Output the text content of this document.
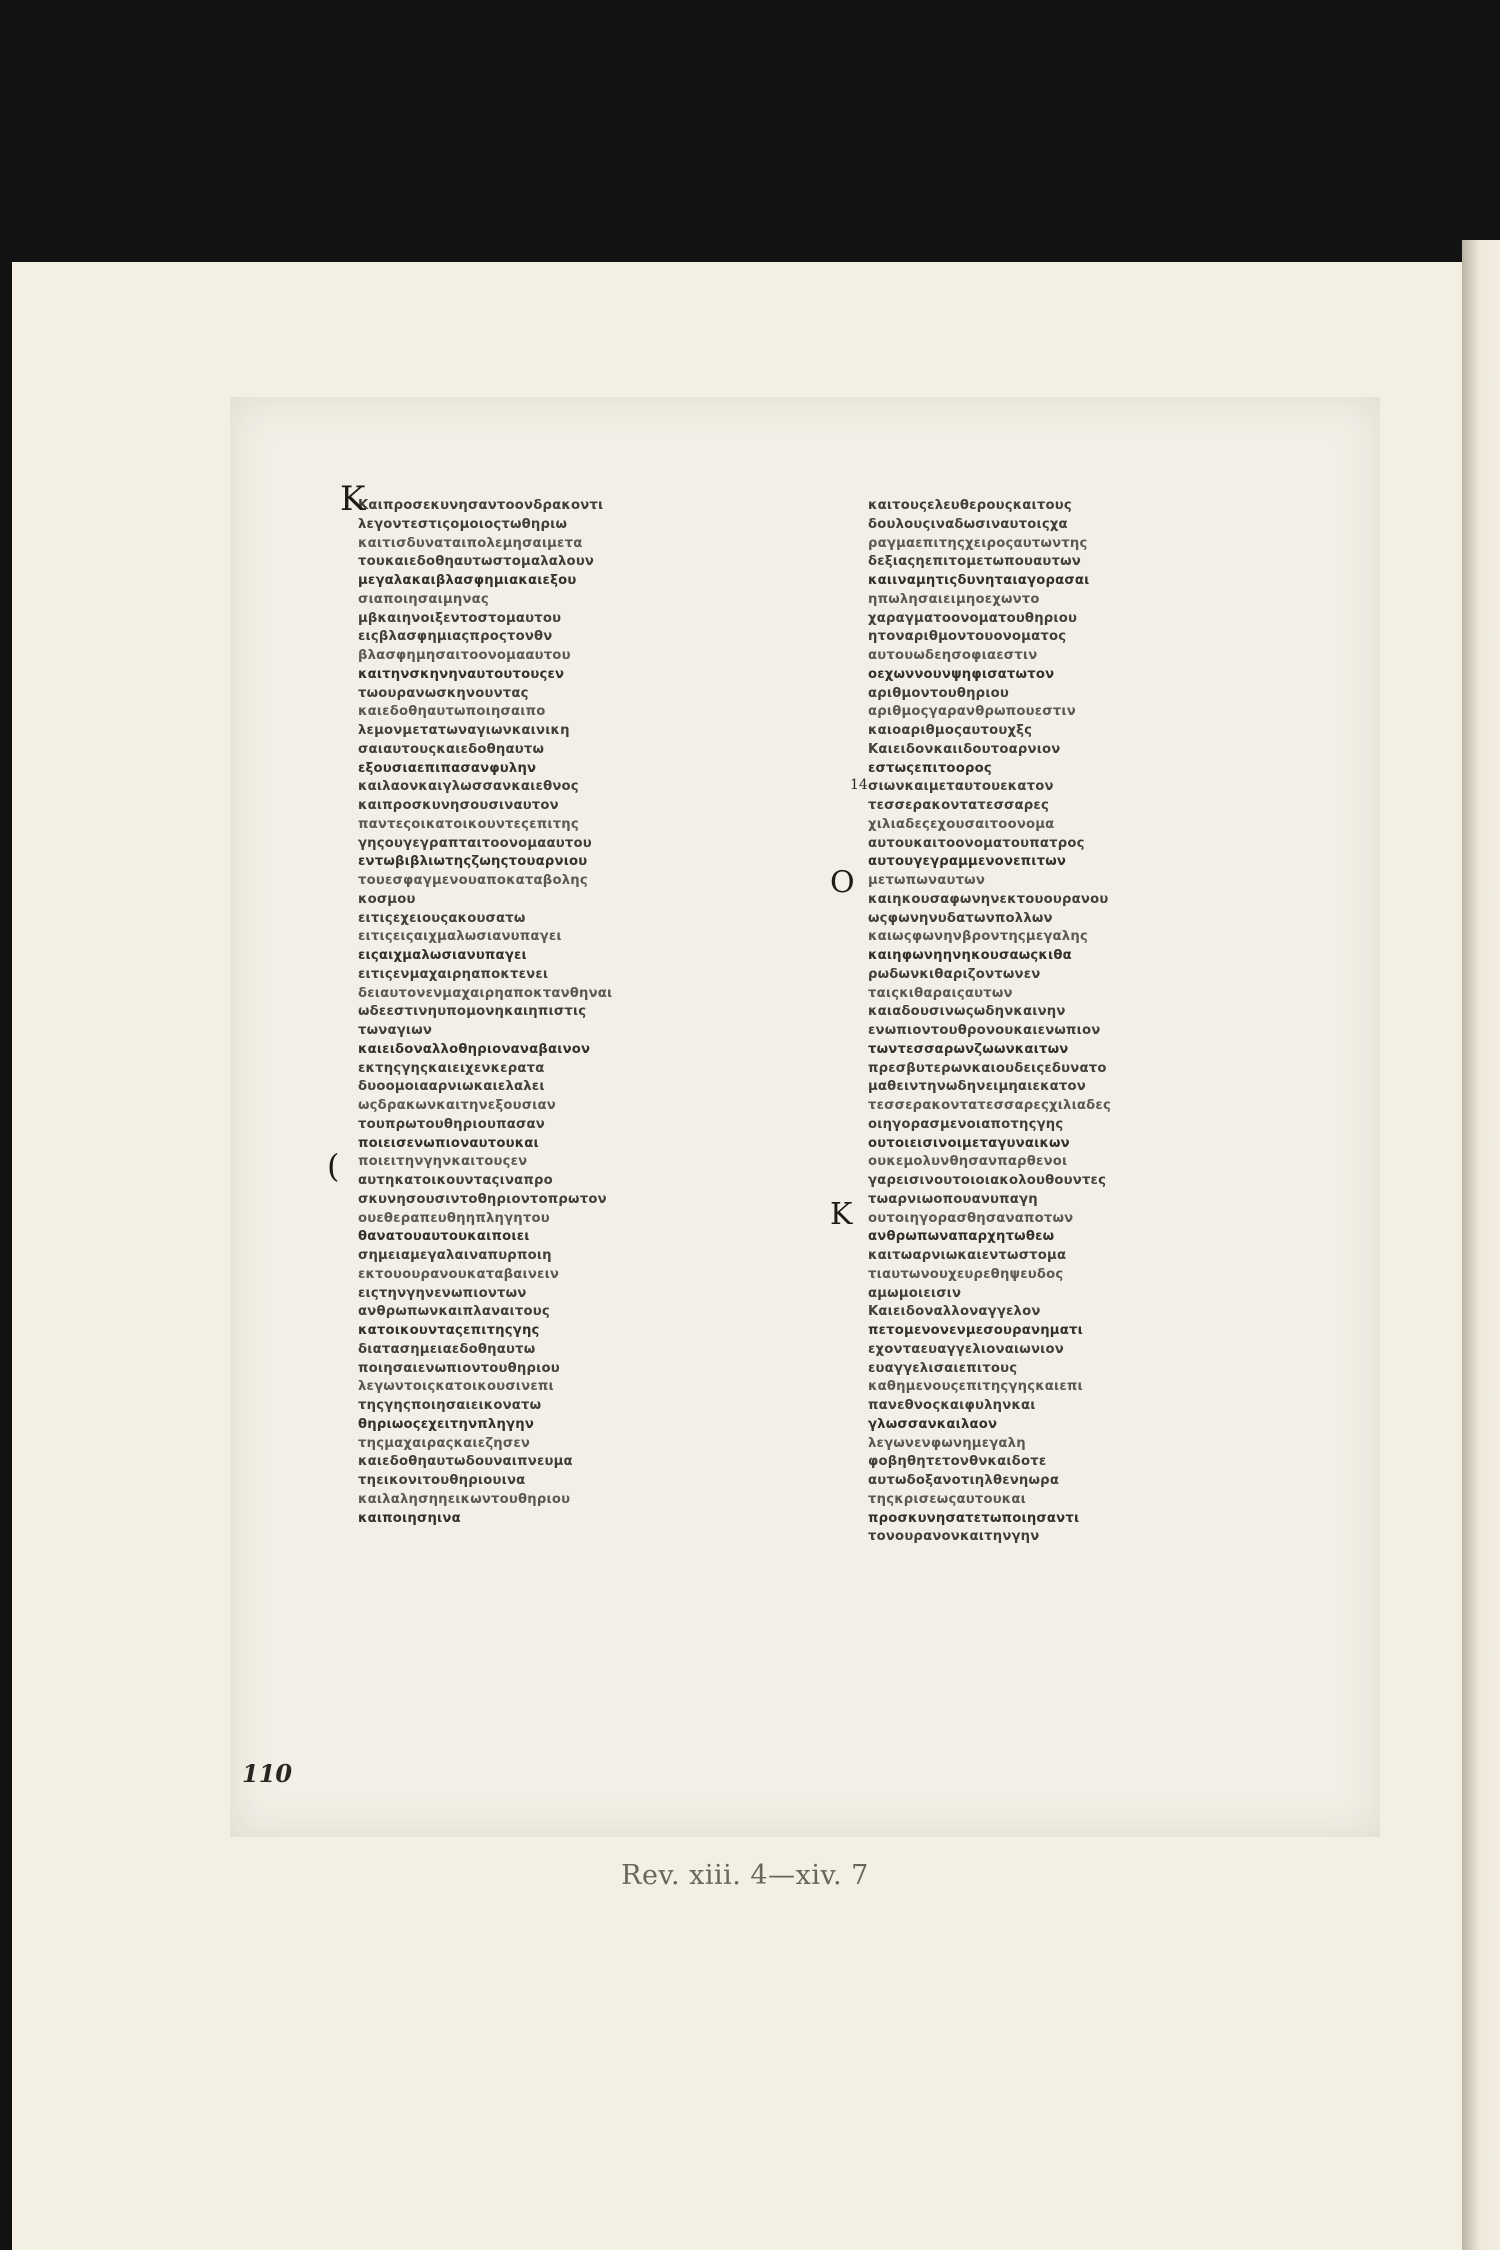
Καιπροσεκυνησαντοονδρακοντι
λεγοντεστιςομοιοςτωθηριω
καιτισδυναταιπολεμησαιμετα
τουκαιεδοθηαυτωστομαλαλουν
μεγαλακαιβλασφημιακαιεξου
σιαποιησαιμηνας
μβκαιηνοιξεντοστομαυτου
ειςβλασφημιαςπροςτονθν
βλασφημησαιτοονομααυτου
καιτηνσκηνηναυτουτουςεν
τωουρανωσκηνουντας
καιεδοθηαυτωποιησαιπο
λεμονμετατωναγιωνκαινικη
σαιαυτουςκαιεδοθηαυτω
εξουσιαεπιπασανφυλην
καιλαονκαιγλωσσανκαιεθνος
καιπροσκυνησουσιναυτον
παντεςοικατοικουντεςεπιτης
γηςουγεγραπταιτοονομααυτου
εντωβιβλιωτηςζωηςτουαρνιου
τουεσφαγμενουαποκαταβολης
κοσμου
ειτιςεχειουςακουσατω
ειτιςειςαιχμαλωσιανυπαγει
ειςαιχμαλωσιανυπαγει
ειτιςενμαχαιρηαποκτενει
δειαυτονενμαχαιρηαποκτανθηναι
ωδεεστινηυπομονηκαιηπιστις
τωναγιων
καιειδοναλλοθηριοναναβαινον
εκτηςγηςκαιειχενκερατα
δυοομοιααρνιωκαιελαλει
ωςδρακωνκαιτηνεξουσιαν
τουπρωτουθηριουπασαν
ποιεισενωπιοναυτουκαι
ποιειτηνγηνκαιτουςεν
αυτηκατοικουνταςιναπρο
σκυνησουσιντοθηριοντοπρωτον
ουεθεραπευθηηπληγητου
θανατουαυτουκαιποιει
σημειαμεγαλαιναπυρποιη
εκτουουρανουκαταβαινειν
ειςτηνγηνενωπιοντων
ανθρωπωνκαιπλαναιτους
κατοικουνταςεπιτηςγης
διατασημειαεδοθηαυτω
ποιησαιενωπιοντουθηριου
λεγωντοιςκατοικουσινεπι
τηςγηςποιησαιεικονατω
θηριωοςεχειτηνπληγην
τηςμαχαιραςκαιεζησεν
καιεδοθηαυτωδουναιπνευμα
τηεικονιτουθηριουινα
καιλαλησηηεικωντουθηριου
καιποιησηινα
καιτουςελευθερουςκαιτους
δουλουςιναδωσιναυτοιςχα
ραγμαεπιτηςχειροςαυτωντης
δεξιαςηεπιτομετωπουαυτων
καιιναμητιςδυνηταιαγορασαι
ηπωλησαιειμηοεχωντο
χαραγματοονοματουθηριου
ητοναριθμοντουονοματος
αυτουωδεησοφιαεστιν
οεχωννουνψηφισατωτον
αριθμοντουθηριου
αριθμοςγαρανθρωπουεστιν
καιοαριθμοςαυτουχξς
Καιειδονκαιιδουτοαρνιον
εστωςεπιτοορος
σιωνκαιμεταυτουεκατον
τεσσερακοντατεσσαρες
χιλιαδεςεχουσαιτοονομα
αυτουκαιτοονοματουπατρος
αυτουγεγραμμενονεπιτων
μετωπωναυτων
καιηκουσαφωνηνεκτουουρανου
ωςφωνηνυδατωνπολλων
καιωςφωνηνβροντηςμεγαλης
καιηφωνηηνηκουσαωςκιθα
ρωδωνκιθαριζοντωνεν
ταιςκιθαραιςαυτων
καιαδουσινωςωδηνκαινην
ενωπιοντουθρονουκαιενωπιον
τωντεσσαρωνζωωνκαιτων
πρεσβυτερωνκαιουδειςεδυνατο
μαθειντηνωδηνειμηαιεκατον
τεσσερακοντατεσσαρεςχιλιαδες
οιηγορασμενοιαποτηςγης
ουτοιεισινοιμεταγυναικων
ουκεμολυνθησανπαρθενοι
γαρεισινουτοιοιακολουθουντες
τωαρνιωοπουανυπαγη
ουτοιηγορασθησαναποτων
ανθρωπωναπαρχητωθεω
καιτωαρνιωκαιεντωστομα
τιαυτωνουχευρεθηψευδος
αμωμοιεισιν
Καιειδοναλλοναγγελον
πετομενονενμεσουρανηματι
εχονταευαγγελιοναιωνιον
ευαγγελισαιεπιτους
καθημενουςεπιτηςγηςκαιεπι
πανεθνοςκαιφυληνκαι
γλωσσανκαιλαον
λεγωνενφωνημεγαλη
φοβηθητετονθνκαιδοτε
αυτωδοξανοτιηλθενηωρα
τηςκρισεωςαυτουκαι
προσκυνησατετωποιησαντι
τονουρανονκαιτηνγην
Κ
Ο
Κ
(
14
110
Rev. xiii. 4—xiv. 7
